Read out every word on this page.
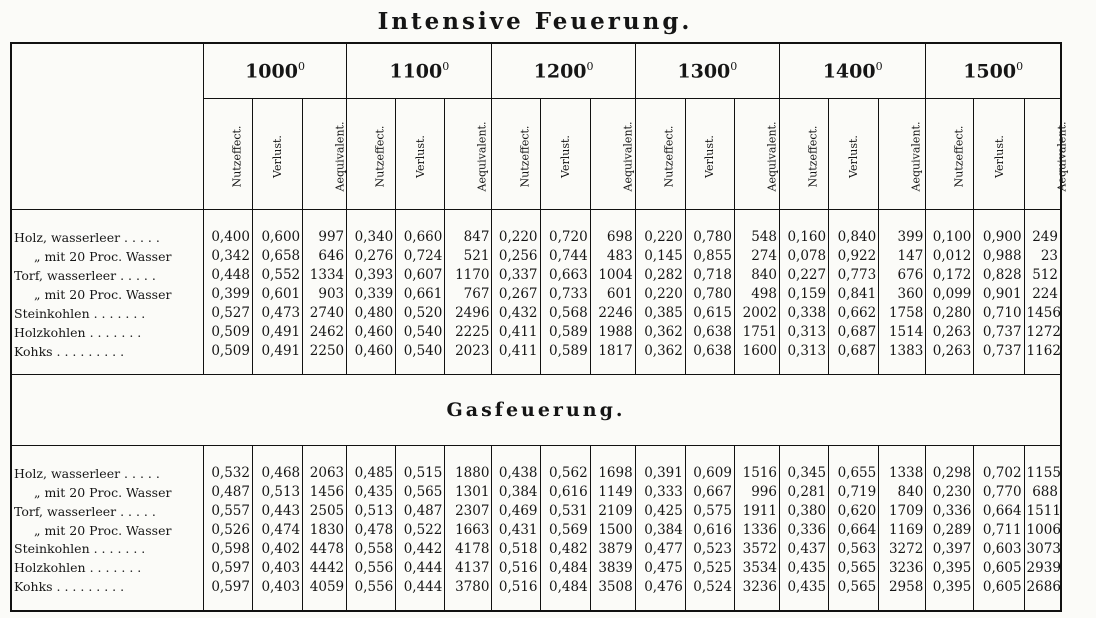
Intensive Feuerung.
	1000$^0$			1100$^0$			1200$^0$			1300$^0$			1400$^0$			1500$^0$
	Nutzeffect.	Verlust.	Aequivalent.	Nutzeffect.	Verlust.	Aequivalent.	Nutzeffect.	Verlust.	Aequivalent.	Nutzeffect.	Verlust.	Aequivalent.	Nutzeffect.	Verlust.	Aequivalent.	Nutzeffect.	Verlust.	Aequivalent.

Holz, wasserleer . . . . .	0,400	0,600	997	0,340	0,660	847	0,220	0,720	698	0,220	0,780	548	0,160	0,840	399	0,100	0,900	249
„ mit 20 Proc. Wasser	0,342	0,658	646	0,276	0,724	521	0,256	0,744	483	0,145	0,855	274	0,078	0,922	147	0,012	0,988	23
Torf, wasserleer . . . . .	0,448	0,552	1334	0,393	0,607	1170	0,337	0,663	1004	0,282	0,718	840	0,227	0,773	676	0,172	0,828	512
„ mit 20 Proc. Wasser	0,399	0,601	903	0,339	0,661	767	0,267	0,733	601	0,220	0,780	498	0,159	0,841	360	0,099	0,901	224
Steinkohlen . . . . . . .	0,527	0,473	2740	0,480	0,520	2496	0,432	0,568	2246	0,385	0,615	2002	0,338	0,662	1758	0,280	0,710	1456
Holzkohlen . . . . . . .	0,509	0,491	2462	0,460	0,540	2225	0,411	0,589	1988	0,362	0,638	1751	0,313	0,687	1514	0,263	0,737	1272
Kohks . . . . . . . . .	0,509	0,491	2250	0,460	0,540	2023	0,411	0,589	1817	0,362	0,638	1600	0,313	0,687	1383	0,263	0,737	1162

Gasfeuerung.																		

Holz, wasserleer . . . . .	0,532	0,468	2063	0,485	0,515	1880	0,438	0,562	1698	0,391	0,609	1516	0,345	0,655	1338	0,298	0,702	1155
„ mit 20 Proc. Wasser	0,487	0,513	1456	0,435	0,565	1301	0,384	0,616	1149	0,333	0,667	996	0,281	0,719	840	0,230	0,770	688
Torf, wasserleer . . . . .	0,557	0,443	2505	0,513	0,487	2307	0,469	0,531	2109	0,425	0,575	1911	0,380	0,620	1709	0,336	0,664	1511
„ mit 20 Proc. Wasser	0,526	0,474	1830	0,478	0,522	1663	0,431	0,569	1500	0,384	0,616	1336	0,336	0,664	1169	0,289	0,711	1006
Steinkohlen . . . . . . .	0,598	0,402	4478	0,558	0,442	4178	0,518	0,482	3879	0,477	0,523	3572	0,437	0,563	3272	0,397	0,603	3073
Holzkohlen . . . . . . .	0,597	0,403	4442	0,556	0,444	4137	0,516	0,484	3839	0,475	0,525	3534	0,435	0,565	3236	0,395	0,605	2939
Kohks . . . . . . . . .	0,597	0,403	4059	0,556	0,444	3780	0,516	0,484	3508	0,476	0,524	3236	0,435	0,565	2958	0,395	0,605	2686
